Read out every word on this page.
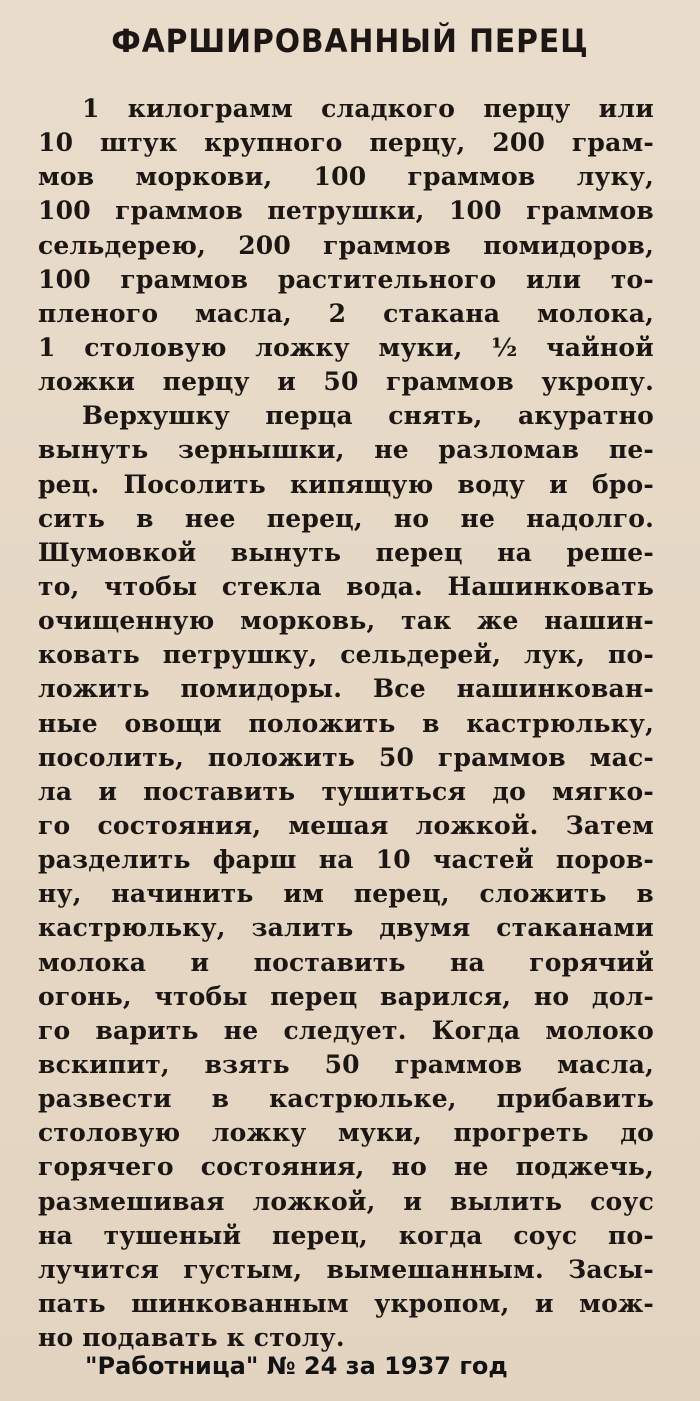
ФАРШИРОВАННЫЙ ПЕРЕЦ
1 килограмм сладкого перцу или
10 штук крупного перцу, 200 грам-
мов моркови, 100 граммов луку,
100 граммов петрушки, 100 граммов
сельдерею, 200 граммов помидоров,
100 граммов растительного или то-
пленого масла, 2 стакана молока,
1 столовую ложку муки, ½ чайной
ложки перцу и 50 граммов укропу.
Верхушку перца снять, акуратно
вынуть зернышки, не разломав пе-
рец. Посолить кипящую воду и бро-
сить в нее перец, но не надолго.
Шумовкой вынуть перец на реше-
то, чтобы стекла вода. Нашинковать
очищенную морковь, так же нашин-
ковать петрушку, сельдерей, лук, по-
ложить помидоры. Все нашинкован-
ные овощи положить в кастрюльку,
посолить, положить 50 граммов мас-
ла и поставить тушиться до мягко-
го состояния, мешая ложкой. Затем
разделить фарш на 10 частей поров-
ну, начинить им перец, сложить в
кастрюльку, залить двумя стаканами
молока и поставить на горячий
огонь, чтобы перец варился, но дол-
го варить не следует. Когда молоко
вскипит, взять 50 граммов масла,
развести в кастрюльке, прибавить
столовую ложку муки, прогреть до
горячего состояния, но не поджечь,
размешивая ложкой, и вылить соус
на тушеный перец, когда соус по-
лучится густым, вымешанным. Засы-
пать шинкованным укропом, и мож-
но подавать к столу.
"Работница" № 24 за 1937 год
